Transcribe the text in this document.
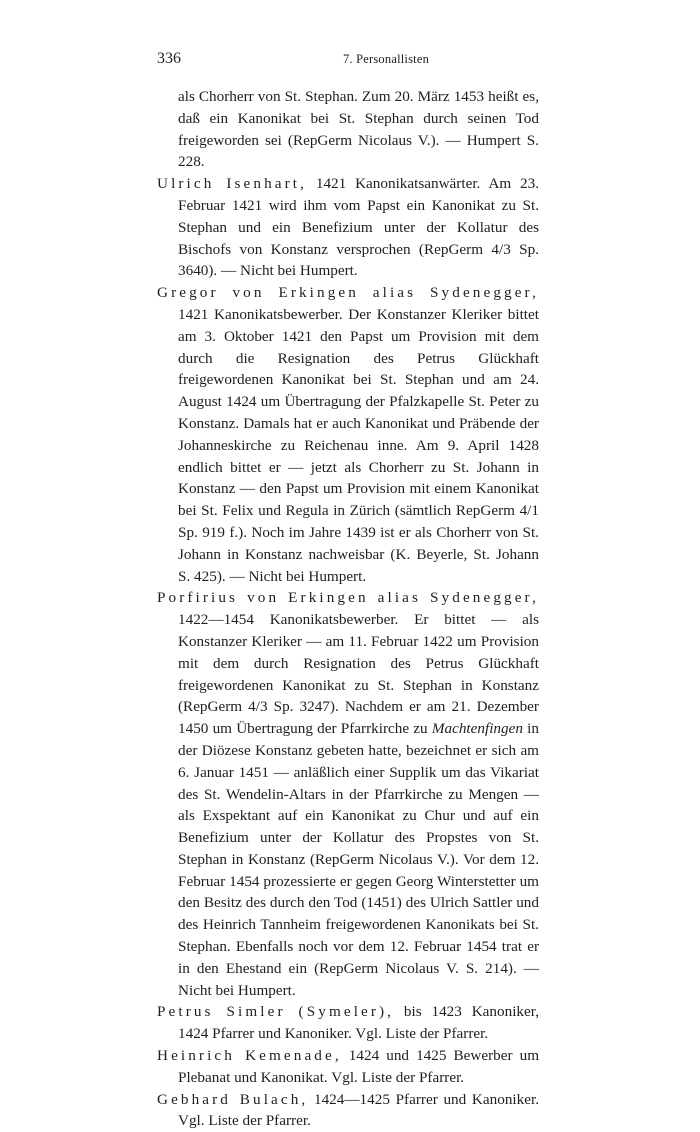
336	7. Personallisten

als Chorherr von St. Stephan. Zum 20. März 1453 heißt es, daß ein Kanonikat bei St. Stephan durch seinen Tod freigeworden sei (RepGerm Nicolaus V.). — Humpert S. 228.

Ulrich Isenhart, 1421 Kanonikatsanwärter. Am 23. Februar 1421 wird ihm vom Papst ein Kanonikat zu St. Stephan und ein Benefizium unter der Kollatur des Bischofs von Konstanz versprochen (RepGerm 4/3 Sp. 3640). — Nicht bei Humpert.

Gregor von Erkingen alias Sydenegger, 1421 Kanonikatsbewerber. Der Konstanzer Kleriker bittet am 3. Oktober 1421 den Papst um Provision mit dem durch die Resignation des Petrus Glückhaft freigewordenen Kanonikat bei St. Stephan und am 24. August 1424 um Übertragung der Pfalzkapelle St. Peter zu Konstanz. Damals hat er auch Kanonikat und Präbende der Johanneskirche zu Reichenau inne. Am 9. April 1428 endlich bittet er — jetzt als Chorherr zu St. Johann in Konstanz — den Papst um Provision mit einem Kanonikat bei St. Felix und Regula in Zürich (sämtlich RepGerm 4/1 Sp. 919 f.). Noch im Jahre 1439 ist er als Chorherr von St. Johann in Konstanz nachweisbar (K. Beyerle, St. Johann S. 425). — Nicht bei Humpert.

Porfirius von Erkingen alias Sydenegger, 1422—1454 Kanonikatsbewerber. Er bittet — als Konstanzer Kleriker — am 11. Februar 1422 um Provision mit dem durch Resignation des Petrus Glückhaft freigewordenen Kanonikat zu St. Stephan in Konstanz (RepGerm 4/3 Sp. 3247). Nachdem er am 21. Dezember 1450 um Übertragung der Pfarrkirche zu Machtenfingen in der Diözese Konstanz gebeten hatte, bezeichnet er sich am 6. Januar 1451 — anläßlich einer Supplik um das Vikariat des St. Wendelin-Altars in der Pfarrkirche zu Mengen — als Exspektant auf ein Kanonikat zu Chur und auf ein Benefizium unter der Kollatur des Propstes von St. Stephan in Konstanz (RepGerm Nicolaus V.). Vor dem 12. Februar 1454 prozessierte er gegen Georg Winterstetter um den Besitz des durch den Tod (1451) des Ulrich Sattler und des Heinrich Tannheim freigewordenen Kanonikats bei St. Stephan. Ebenfalls noch vor dem 12. Februar 1454 trat er in den Ehestand ein (RepGerm Nicolaus V. S. 214). — Nicht bei Humpert.

Petrus Simler (Symeler), bis 1423 Kanoniker, 1424 Pfarrer und Kanoniker. Vgl. Liste der Pfarrer.

Heinrich Kemenade, 1424 und 1425 Bewerber um Plebanat und Kanonikat. Vgl. Liste der Pfarrer.

Gebhard Bulach, 1424—1425 Pfarrer und Kanoniker. Vgl. Liste der Pfarrer.
